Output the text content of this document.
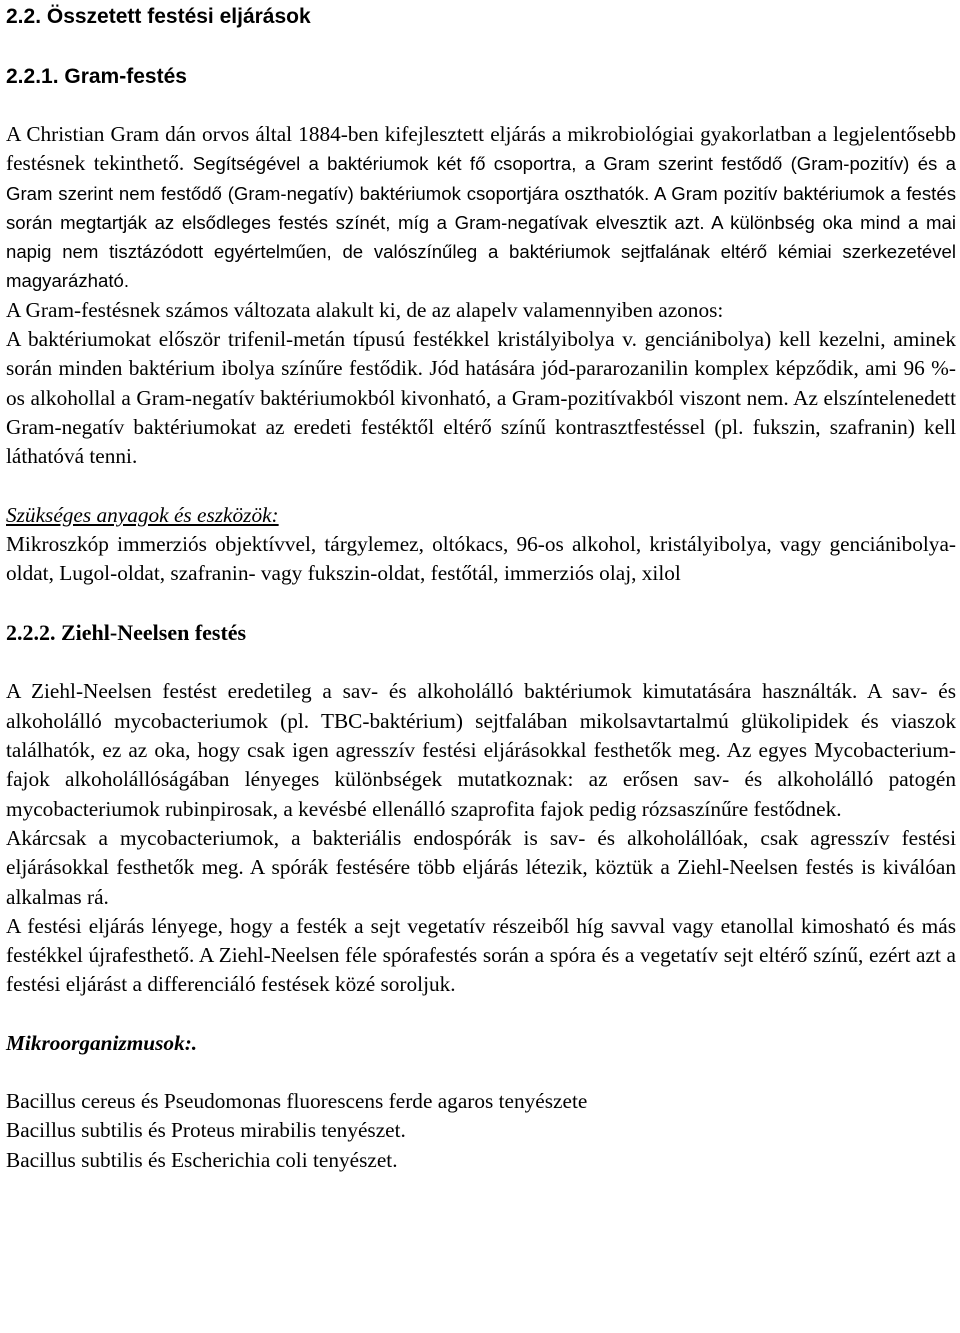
2.2. Összetett festési eljárások
2.2.1. Gram-festés

A Christian Gram dán orvos által 1884-ben kifejlesztett eljárás a mikrobiológiai gyakorlatban a legjelentősebb festésnek tekinthető. Segítségével a baktériumok két fő csoportra, a Gram szerint festődő (Gram-pozitív) és a Gram szerint nem festődő (Gram-negatív) baktériumok csoportjára oszthatók. A Gram pozitív baktériumok a festés során megtartják az elsődleges festés színét, míg a Gram-negatívak elvesztik azt. A különbség oka mind a mai napig nem tisztázódott egyértelműen, de valószínűleg a baktériumok sejtfalának eltérő kémiai szerkezetével magyarázható.

A Gram-festésnek számos változata alakult ki, de az alapelv valamennyiben azonos:

A baktériumokat először trifenil-metán típusú festékkel kristályibolya v. genciánibolya) kell kezelni, aminek során minden baktérium ibolya színűre festődik. Jód hatására jód-pararozanilin komplex képződik, ami 96 %-os alkohollal a Gram-negatív baktériumokból kivonható, a Gram-pozitívakból viszont nem. Az elszíntelenedett Gram-negatív baktériumokat az eredeti festéktől eltérő színű kontrasztfestéssel (pl. fukszin, szafranin) kell láthatóvá tenni.

Szükséges anyagok és eszközök:

Mikroszkóp immerziós objektívvel, tárgylemez, oltókacs, 96-os alkohol, kristályibolya, vagy genciánibolya-oldat, Lugol-oldat, szafranin- vagy fukszin-oldat, festőtál, immerziós olaj, xilol

2.2.2. Ziehl-Neelsen festés

A Ziehl-Neelsen festést eredetileg a sav- és alkoholálló baktériumok kimutatására használták. A sav- és alkoholálló mycobacteriumok (pl. TBC-baktérium) sejtfalában mikolsavtartalmú glükolipidek és viaszok találhatók, ez az oka, hogy csak igen agresszív festési eljárásokkal festhetők meg. Az egyes Mycobacterium-fajok alkoholállóságában lényeges különbségek mutatkoznak: az erősen sav- és alkoholálló patogén mycobacteriumok rubinpirosak, a kevésbé ellenálló szaprofita fajok pedig rózsaszínűre festődnek.

Akárcsak a mycobacteriumok, a bakteriális endospórák is sav- és alkoholállóak, csak agresszív festési eljárásokkal festhetők meg. A spórák festésére több eljárás létezik, köztük a Ziehl-Neelsen festés is kiválóan alkalmas rá.

A festési eljárás lényege, hogy a festék a sejt vegetatív részeiből híg savval vagy etanollal kimosható és más festékkel újrafesthető. A Ziehl-Neelsen féle spórafestés során a spóra és a vegetatív sejt eltérő színű, ezért azt a festési eljárást a differenciáló festések közé soroljuk.

Mikroorganizmusok:.

Bacillus cereus és Pseudomonas fluorescens ferde agaros tenyészete

Bacillus subtilis és Proteus mirabilis tenyészet.

Bacillus subtilis és Escherichia coli tenyészet.
